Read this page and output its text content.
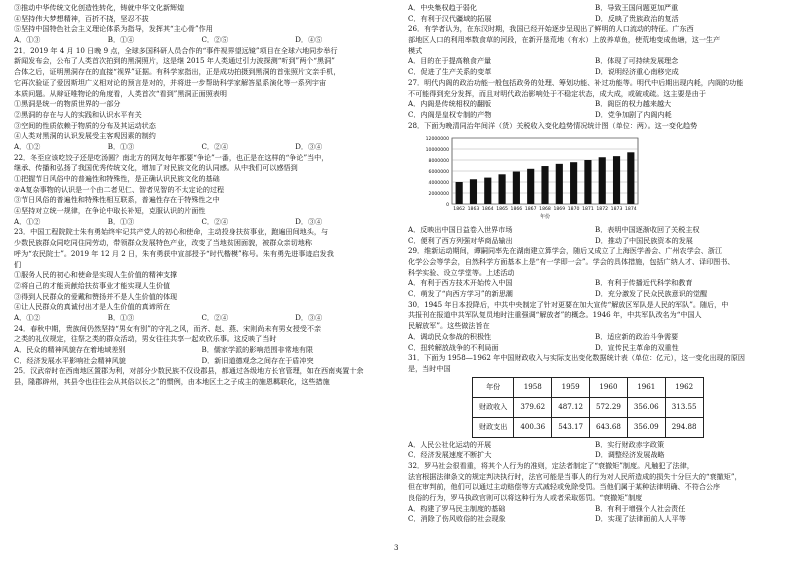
③推动中华传统文化创造性转化，铸就中华文化新辉煌
④坚持伟大梦想精神，百折不挠，坚忍不拔
⑤坚持中国特色社会主义理论体系为指导，发挥其“主心骨”作用
A．①③	B．①④	C．②⑤	D．④⑤
21．2019 年 4 月 10 日晚 9 点，全球多国科研人员合作的“事件视界望远镜”项目在全球六地同步举行
新闻发布会，公布了人类首次拍到的黑洞照片，这是继 2015 年人类通过引力波探测“听到”两个“黑洞”
合体之后，证明黑洞存在的直接“视界”证据。有科学家指出，正是成功拍摄到黑洞的首张照片文亲手机，
它再次验证了爱因斯坦广义相对论的预言是对的，并将进一步帮助科学家解答星系演化等一系列宇宙
本质问题。从辩证唯物论的角度看，人类首次“看到”黑洞正面照表明
①黑洞是统一的物质世界的一部分
②黑洞的存在与人的实践和认识水平有关
③空间的性质依赖于物质的分布及其运动状态
④人类对黑洞的认识发展受主客观因素的制约
A．①②	B．①③	C．②④	D．③④
22．冬至应该吃饺子还是吃汤圆？南北方的网友每年都要“争论”一番，也正是在这样的“争论”当中，
继承、传播和弘扬了我国优秀传统文化，增加了对民族文化的认同感。从中我们可以感悟到
①把握节日风俗中的普遍性和特殊性，是正确认识民族文化的基础
②A复杂事物的认识是一个由二者见仁、智者见智的不太定论的过程
③节日风俗的普遍性和特殊性相互联系，普遍性存在于特殊性之中
④坚持对立统一规律，在争论中取长补短，克服认识的片面性
A．①②	B．①③	C．②④	D．③④
23．中国工程院院士朱有勇始终牢记共产党人的初心和使命，主动投身扶贫事业，跑遍田间地头，与
少数民族群众同吃同住同劳动，带领群众发展特色产业，改变了当地贫困面貌，被群众亲切地称
呼为“农民院士”。2019 年 12 月 2 日，朱有勇获中宣部授予“时代楷模”称号。朱有勇先进事迹启发我
们
①服务人民的初心和使命是实现人生价值的精神支撑
②将自己的才能贡献给扶贫事业才能实现人生价值
③得到人民群众的爱戴和赞扬并不是人生价值的体现
④让人民群众的真诚付出才是人生价值的真谛所在
A．①②	B．①③	C．②④	D．③④
24．春秋中期，贵族间仍然坚持“男女有别”的守礼之风，而齐、赵、燕、宋则尚未有男女授受不亲
之类的礼仪规定，往祭之类的群众活动，男女往往共享一起欢欣乐事。这反映了当时
A．民众的精神风貌存在着地域差别	B．儒家学派的影响范围非常地有限
C．经济发展水平影响社会精神风貌	D．新旧道德观念之间存在于盾冲突
25．汉武帝时在西南地区置郡为利，对部分少数民族不仅设郡县，都通过各级地方长官管理，如在西南夷置十余
县，隆郡辟州，其县令也往往会从其俗以长之”的惯例，由本地区土之子成主的施恩羁联化，这些措施
A．中央集权趋于弱化	B．导致王国问题更加严重
C．有利于汉代疆域的拓展	D．反映了贵族政治的复活
26．有学者认为，在东汉时期，我国已经开始逐步呈现出了鲜明的人口流动的特征。广东西
部地区人口的利用率数食草的河段，在新开垦荒地（有水）上放养草鱼，使荒地变成鱼塘，这一生产
模式
A．目的在于提高粮食产量	B．体现了可持续发展理念
C．促进了生产关系的变革	D．说明经济重心南移完成
27．明代内阁的政治功能一般包括政务的处理、筹划功能、补过功能等。明代中后期出现内耗，内阁的功能
不可能得到充分发挥，而且对明代政治影响处于不稳定状态，成大成，或破或疏。这主要是由于
A．内阁是传统相权的翻版	B．阁臣的权力越来越大
C．内阁是皇权专制的产物	D．党争加剧了内阁内耗
28．下面为晚清同治年间洋（货）关税收入变化趋势情况统计图（单位：两）。这一变化趋势
12000000
10000000
8000000
6000000
4000000
2000000
0
1862 1863 1864 1865 1866 1867 1868 1869 1870 1871 1872 1873 1874
年份
A．反映出中国日益卷入世界市场	B．表明中国逐渐收回了关税主权
C．便利了西方列强对华商品输出	D．推动了中国民族资本的发展
29．维新运动期间，谭嗣同率先在湖南建立算学会，随后又成立了上海医学善会、广州农学会、浙江
化学公会等学会，自然科学方面基本上是“有一学即一会”。学会的具体措施，包括广纳人才、译印图书、
科学实验、设立学堂等。上述活动
A．有利于西方技术开始传入中国	B．有利于传播近代科学和教育
C．萌发了“向西方学习”的新思潮	D．充分激发了民众民族意识的觉醒
30．1945 年日本投降后，中共中央制定了针对更要在加大宣传“解放区军队是人民的军队”。随后，中
共报刊在报道中共军队复员地时注重强调“解放者”的概念。1946 年，中共军队改名为“中国人
民解放军”。这些做法旨在
A．调动民众参战的积极性	B．适应新的政治斗争需要
C．扭转解放战争的不利局面	D．宣传民主革命的双重性
31．下面为 1958—1962 年中国财政收入与实际支出变化数据统计表（单位：亿元），这一变化出现的原因
是，当时中国
年份	1958	1959	1960	1961	1962
财政收入	379.62	487.12	572.29	356.06	313.55
财政支出	400.36	543.17	643.68	356.09	294.88
A．人民公社化运动的开展	B．实行财政赤字政策
C．经济发展速度不断扩大	D．调整经济发展战略
32．罗马社会很看重，将其个人行为的准则，定法者制定了“衰撤矩”制度。凡触犯了法律，
法官根据法律条文的规定判决执行时，法官可能是当事人的行为对人民所造成的损失十分巨大的“衰撤矩”，
但在审判前，他们可以通过主动赔偿等方式减轻或免除受罚。当他们属于某种法律明确、不符合公序
良俗的行为，罗马执政官则可以将这种行为人或者采取惩罚。“衰撤矩”制度
A．构建了罗马民主制度的基础	B．有利于增强个人社会责任
C．消除了伤风败俗的社会现象	D．实现了法律面前人人平等
3
